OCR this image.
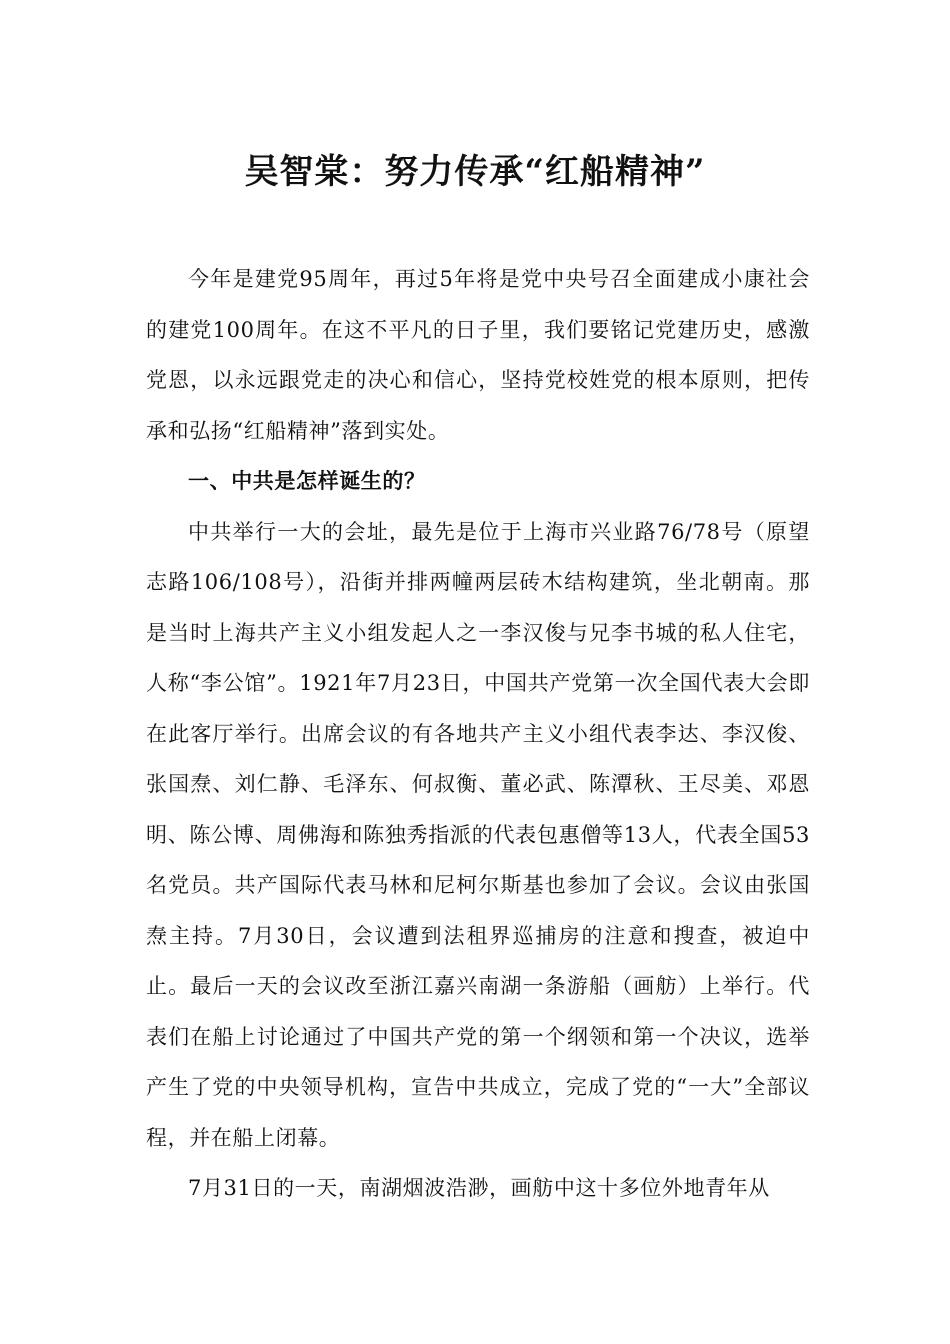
吴智棠：努力传承“红船精神”

今年是建党95周年，再过5年将是党中央号召全面建成小康社会的建党100周年。在这不平凡的日子里，我们要铭记党建历史，感激党恩，以永远跟党走的决心和信心，坚持党校姓党的根本原则，把传承和弘扬“红船精神”落到实处。

一、中共是怎样诞生的？

中共举行一大的会址，最先是位于上海市兴业路76/78号（原望志路106/108号），沿街并排两幢两层砖木结构建筑，坐北朝南。那是当时上海共产主义小组发起人之一李汉俊与兄李书城的私人住宅，人称“李公馆”。1921年7月23日，中国共产党第一次全国代表大会即在此客厅举行。出席会议的有各地共产主义小组代表李达、李汉俊、张国焘、刘仁静、毛泽东、何叔衡、董必武、陈潭秋、王尽美、邓恩明、陈公博、周佛海和陈独秀指派的代表包惠僧等13人，代表全国53名党员。共产国际代表马林和尼柯尔斯基也参加了会议。会议由张国焘主持。7月30日，会议遭到法租界巡捕房的注意和搜查，被迫中止。最后一天的会议改至浙江嘉兴南湖一条游船（画舫）上举行。代表们在船上讨论通过了中国共产党的第一个纲领和第一个决议，选举产生了党的中央领导机构，宣告中共成立，完成了党的“一大”全部议程，并在船上闭幕。

7月31日的一天，南湖烟波浩渺，画舫中这十多位外地青年从
